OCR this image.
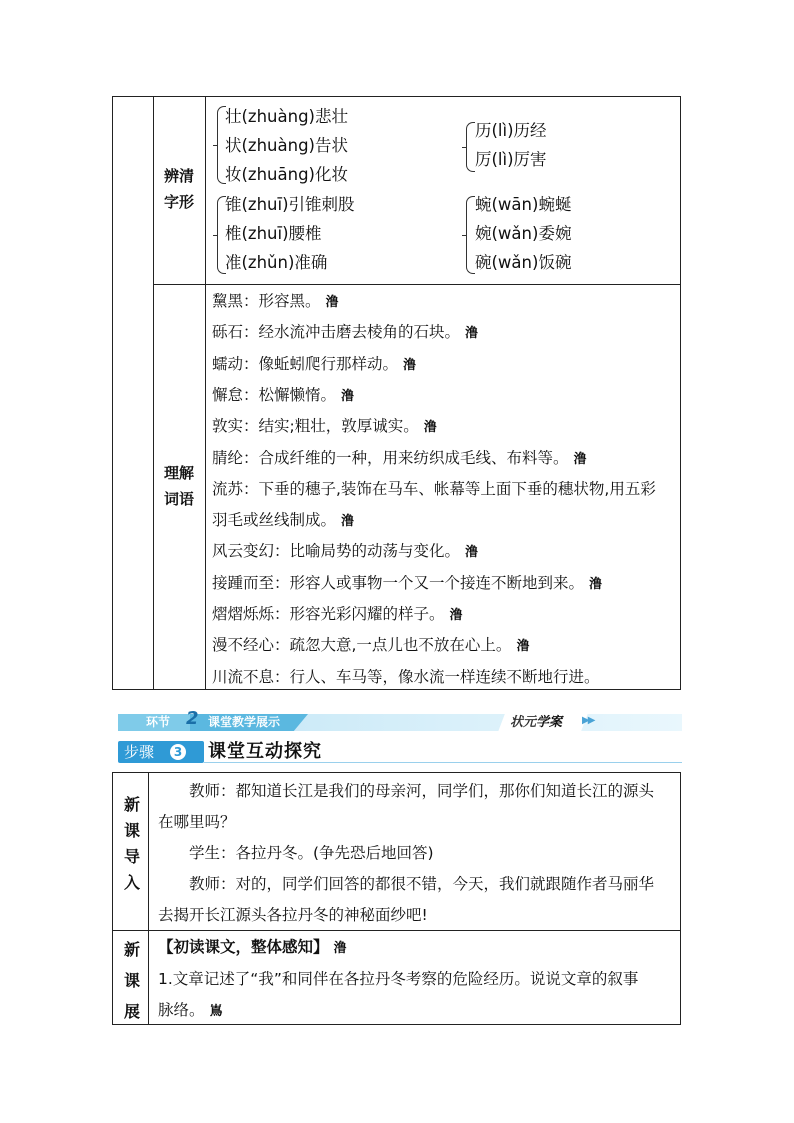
辨清
字形
理解
词语
壮(zhuàng)悲壮
状(zhuàng)告状
妆(zhuāng)化妆
历(lì)历经
厉(lì)厉害
锥(zhuī)引锥刺股
椎(zhuī)腰椎
准(zhǔn)准确
蜿(wān)蜿蜒
婉(wǎn)委婉
碗(wǎn)饭碗
黧黑：形容黑。 澛
砾石：经水流冲击磨去棱角的石块。 澛
蠕动：像蚯蚓爬行那样动。 澛
懈怠：松懈懒惰。 澛
敦实：结实;粗壮，敦厚诚实。 澛
腈纶：合成纤维的一种，用来纺织成毛线、布料等。 澛
流苏：下垂的穗子,装饰在马车、帐幕等上面下垂的穗状物,用五彩
羽毛或丝线制成。 澛
风云变幻：比喻局势的动荡与变化。 澛
接踵而至：形容人或事物一个又一个接连不断地到来。 澛
熠熠烁烁：形容光彩闪耀的样子。 澛
漫不经心：疏忽大意,一点儿也不放在心上。 澛
川流不息：行人、车马等，像水流一样连续不断地行进。
环节 2 课堂教学展示	状元学案 ▶▶
步骤	3 课堂互动探究
新
课
导
入
　　教师：都知道长江是我们的母亲河，同学们，那你们知道长江的源头
在哪里吗？
　　学生：各拉丹冬。(争先恐后地回答)
　　教师：对的，同学们回答的都很不错，今天，我们就跟随作者马丽华
去揭开长江源头各拉丹冬的神秘面纱吧!
新
课
展
【初读课文，整体感知】 澛
1.文章记述了“我”和同伴在各拉丹冬考察的危险经历。说说文章的叙事
脉络。 嶌
